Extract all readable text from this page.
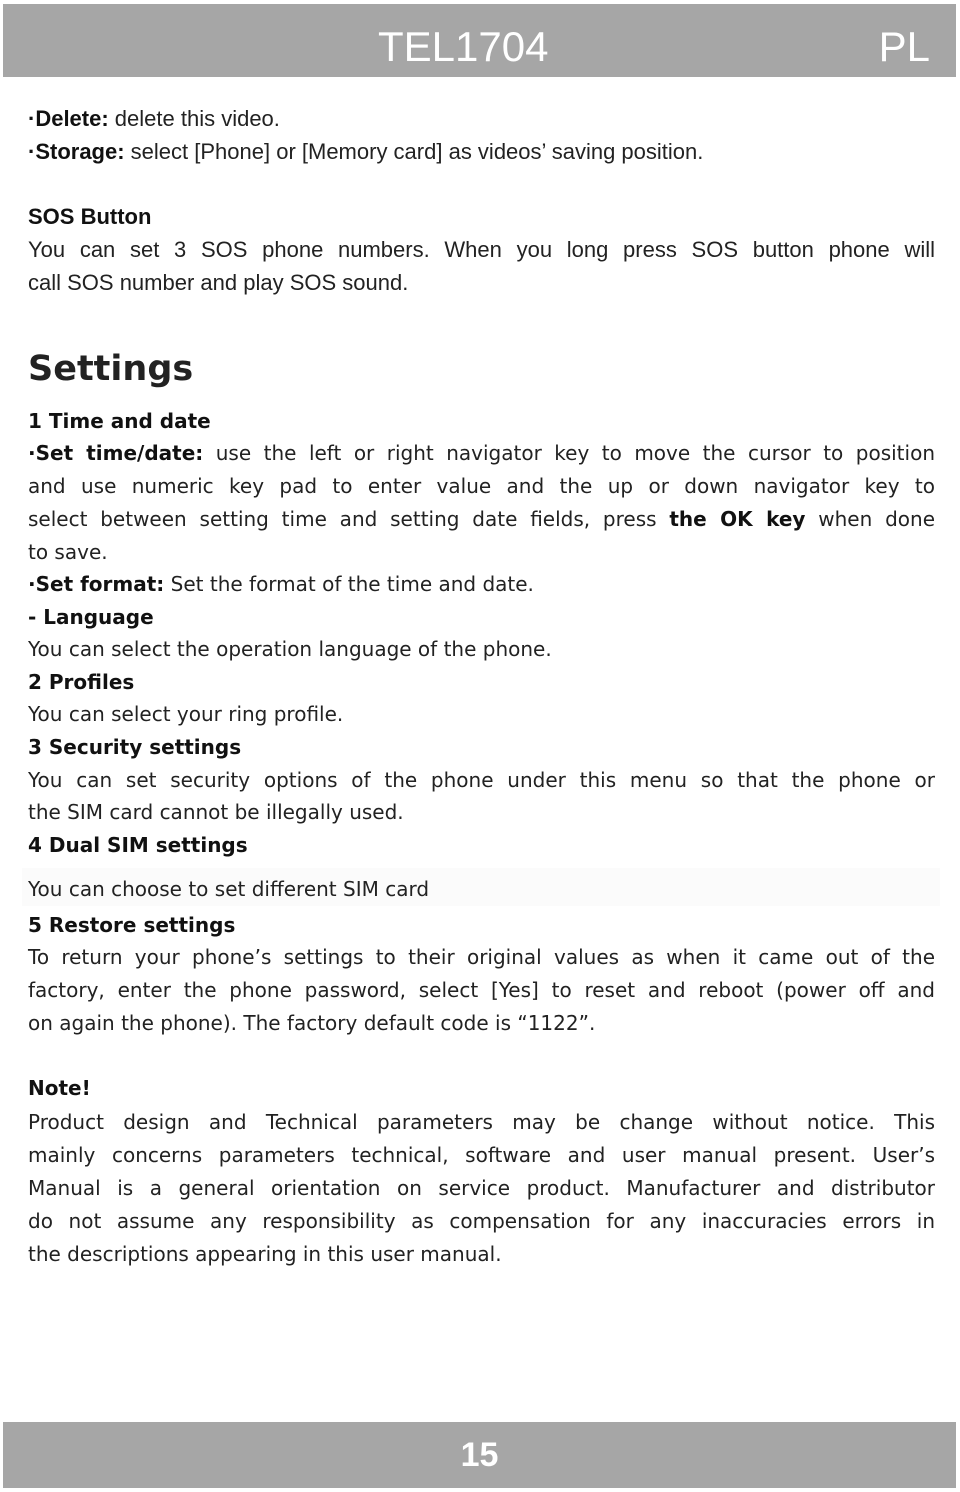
TEL1704	PL
·Delete: delete this video.
·Storage: select [Phone] or [Memory card] as videos’ saving position.
SOS Button
You can set 3 SOS phone numbers. When you long press SOS button phone will
call SOS number and play SOS sound.
Settings
1 Time and date
·Set time/date: use the left or right navigator key to move the cursor to position
and use numeric key pad to enter value and the up or down navigator key to
select between setting time and setting date fields, press the OK key when done
to save.
·Set format: Set the format of the time and date.
- Language
You can select the operation language of the phone.
2 Profiles
You can select your ring profile.
3 Security settings
You can set security options of the phone under this menu so that the phone or
the SIM card cannot be illegally used.
4 Dual SIM settings
You can choose to set different SIM card
5 Restore settings
To return your phone’s settings to their original values as when it came out of the
factory, enter the phone password, select [Yes] to reset and reboot (power off and
on again the phone). The factory default code is “1122”.
Note!
Product design and Technical parameters may be change without notice. This
mainly concerns parameters technical, software and user manual present. User’s
Manual is a general orientation on service product. Manufacturer and distributor
do not assume any responsibility as compensation for any inaccuracies errors in
the descriptions appearing in this user manual.
15
